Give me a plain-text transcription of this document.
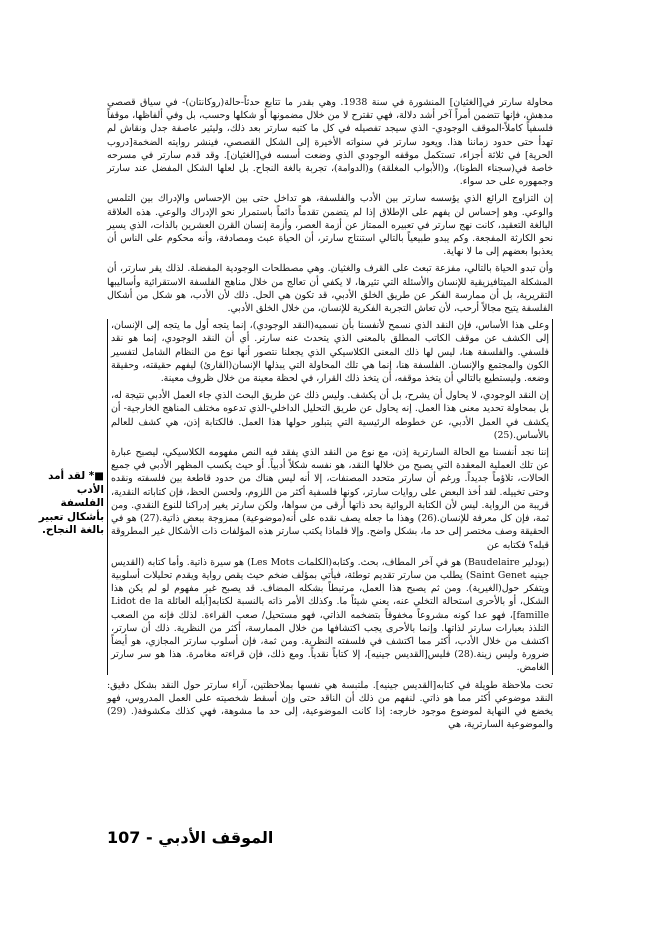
محاولة سارتر في[الغثيان] المنشورة في سنة 1938. وهي بقدر ما تتابع حدثاً-حالة(روكانتان)- في سياق قصصي مدهش، فإنها تتضمن أمراً آخر أشد دلالة، فهي تقترح لا من خلال مضمونها أو شكلها وحسب، بل وفي ألفاظها، موقفاً فلسفياً كاملاً-الموقف الوجودي- الذي سيجد تفصيله في كل ما كتبه سارتر بعد ذلك، وليثير عاصفة جدل ونقاش لم تهدأ حتى حدود زماننا هذا. ويعود سارتر في سنواته الأخيرة إلى الشكل القصصي، فينشر روايته الضخمة[دروب الحرية] في ثلاثة أجزاء، تستكمل موقفه الوجودي الذي وضعت أسسه في[الغثيان]. وقد قدم سارتر في مسرحه خاصة في(سجناء الطونا)، و(الأبواب المغلقة) و(الدوامة)، تجربة بالغة النجاح. بل لعلها الشكل المفضل عند سارتر وجمهوره على حد سواء.

إن التزاوج الرائع الذي يؤسسه سارتر بين الأدب والفلسفة، هو تداخل حتى بين الإحساس والإدراك بين التلمس والوعي. وهو إحساس لن يفهم على الإطلاق إذا لم يتضمن تقدماً دائماً باستمرار نحو الإدراك والوعي. هذه العلاقة البالغة التعقيد، كانت نهج سارتر في تعبيره الممتاز عن أزمة العصر، وأزمة إنسان القرن العشرين بالذات، الذي يسير نحو الكارثة المفجعة. وكم يبدو طبيعياً بالتالي استنتاج سارتر، أن الحياة عبث ومصادفة، وأنه محكوم على الناس أن يعذبوا بعضهم إلى ما لا نهاية.

وأن تبدو الحياة بالتالي، مفزعة تبعث على القرف والغثيان. وهي مصطلحات الوجودية المفضلة. لذلك يقر سارتر، أن المشكلة الميتافيزيقية للإنسان والأسئلة التي تثيرها، لا يكفي أن تعالج من خلال مناهج الفلسفة الاستقرائية وأساليبها التقريرية، بل أن ممارسة الفكر عن طريق الخلق الأدبي، قد تكون هي الحل. ذلك لأن الأدب، هو شكل من أشكال الفلسفة يتيح مجالاً أرحب، لأن تعاش التجربة الفكرية للإنسان، من خلال الخلق الأدبي.

وعلى هذا الأساس، فإن النقد الذي نسمح لأنفسنا بأن نسميه(النقد الوجودي)، إنما يتجه أول ما يتجه إلى الإنسان، إلى الكشف عن موقف الكاتب المطلق بالمعنى الذي يتحدث عنه سارتر. أي أن النقد الوجودي، إنما هو نقد فلسفي. والفلسفة هنا، ليس لها ذلك المعنى الكلاسيكي الذي يجعلنا نتصور أنها نوع من النظام الشامل لتفسير الكون والمجتمع والإنسان. الفلسفة هنا، إنما هي تلك المحاولة التي يبذلها الإنسان(القارئ) ليفهم حقيقته، وحقيقة وضعه. وليستطيع بالتالي أن يتخذ موقفه، أن يتخذ ذلك القرار، في لحظة معينة من خلال ظروف معينة.

إن النقد الوجودي، لا يحاول أن يشرح، بل أن يكشف. وليس ذلك عن طريق البحث الذي جاء العمل الأدبي نتيجة له، بل بمحاولة تحديد معنى هذا العمل. إنه يحاول عن طريق التحليل الداخلي-الذي تدعوه مختلف المناهج الخارجية- أن يكشف في العمل الأدبي، عن خطوطه الرئيسية التي يتبلور حولها هذا العمل. فالكتابة إذن، هي كشف للعالم بالأساس.(25)

إننا نجد أنفسنا مع الحالة السارترية إذن، مع نوع من النقد الذي يفقد فيه النص مفهومه الكلاسيكي، ليصبح عبارة عن تلك العملية المعقدة التي يصبح من خلالها النقد، هو نفسه شكلاً أدبياً. أو حيث يكسب المظهر الأدبي في جميع الحالات، تلاؤماً جديداً. ورغم أن سارتر متحدد المصنفات، إلا أنه ليس هناك من حدود قاطعة بين فلسفته ونقده وحتى تخييله. لقد أخذ البعض على روايات سارتر، كونها فلسفية أكثر من اللزوم، ولحسن الحظ، فإن كتاباته النقدية، قريبة من الرواية. ليس لأن الكتابة الروائية بحد ذاتها أرقى من سواها، ولكن سارتر يغير إدراكنا للنوع النقدي. ومن ثمة، فإن كل معرفة للإنسان.(26) وهذا ما جعله يصف نقده على أنه(موضوعية) ممزوجة ببعض ذاتية.(27) هو في الحقيقة وصف مختصر إلى حد ما، بشكل واضح. وإلا فلماذا يكتب سارتر هذه المؤلفات ذات الأشكال غير المطروقة قبله؟ فكتابه عن

(بودلير Baudelaire) هو في آخر المطاف، بحث. وكتابه(الكلمات Les Mots) هو سيرة ذاتية. وأما كتابه (القديس جينيه Saint Genet) يطلب من سارتر تقديم توطئة، فيأتي بمؤلف ضخم حيث يقص رواية ويقدم تحليلات أسلوبية ويتفكر حول(الغيرية). ومن ثم يصبح هذا العمل، مرتبطاً بشكله المضاف. قد يصبح غير مفهوم لو لم يكن هذا الشكل، أو بالأحرى استحالة التخلي عنه، يعني شيئاً ما. وكذلك الأمر ذاته بالنسبة لكتابه[أبله العائلة Lidot de la famille]، فهو عدا كونه مشروعاً مخفوقاً بتضخمه الذاتي، فهو مستحيل/ صعب القراءة. لذلك فإنه من الصعب التلذذ بعبارات سارتر لذاتها. وإنما بالأحرى يجب اكتشافها من خلال الممارسة، أكثر من النظرية. ذلك أن سارتر، اكتشف من خلال الأدب، أكثر مما اكتشف في فلسفته النظرية. ومن ثمة، فإن أسلوب سارتر المجازي، هو أيضاً ضرورة وليس زينة.(28) فليس[القديس جينيه]، إلا كتاباً نقدياً. ومع ذلك، فإن قراءته مغامرة. هذا هو سر سارتر الغامض.

تحت ملاحظة طويلة في كتابه[القديس جينيه]. ملتبسة هي نفسها بملاحظتين، آراء سارتر حول النقد بشكل دقيق: النقد موضوعي أكثر مما هو ذاتي. لنفهم من ذلك أن الناقد حتى وإن أسقط شخصيته على العمل المدروس، فهو يخضع في النهاية لموضوع موجود خارجه: إذا كانت الموضوعية، إلى حد ما مشوهة، فهي كذلك مكشوفة(. (29) والموضوعية السارترية، هي

■* لقد أمد الأدب الفلسفة بأشكال تعبير بالغة النجاح.
الموقف الأدبي - 107
